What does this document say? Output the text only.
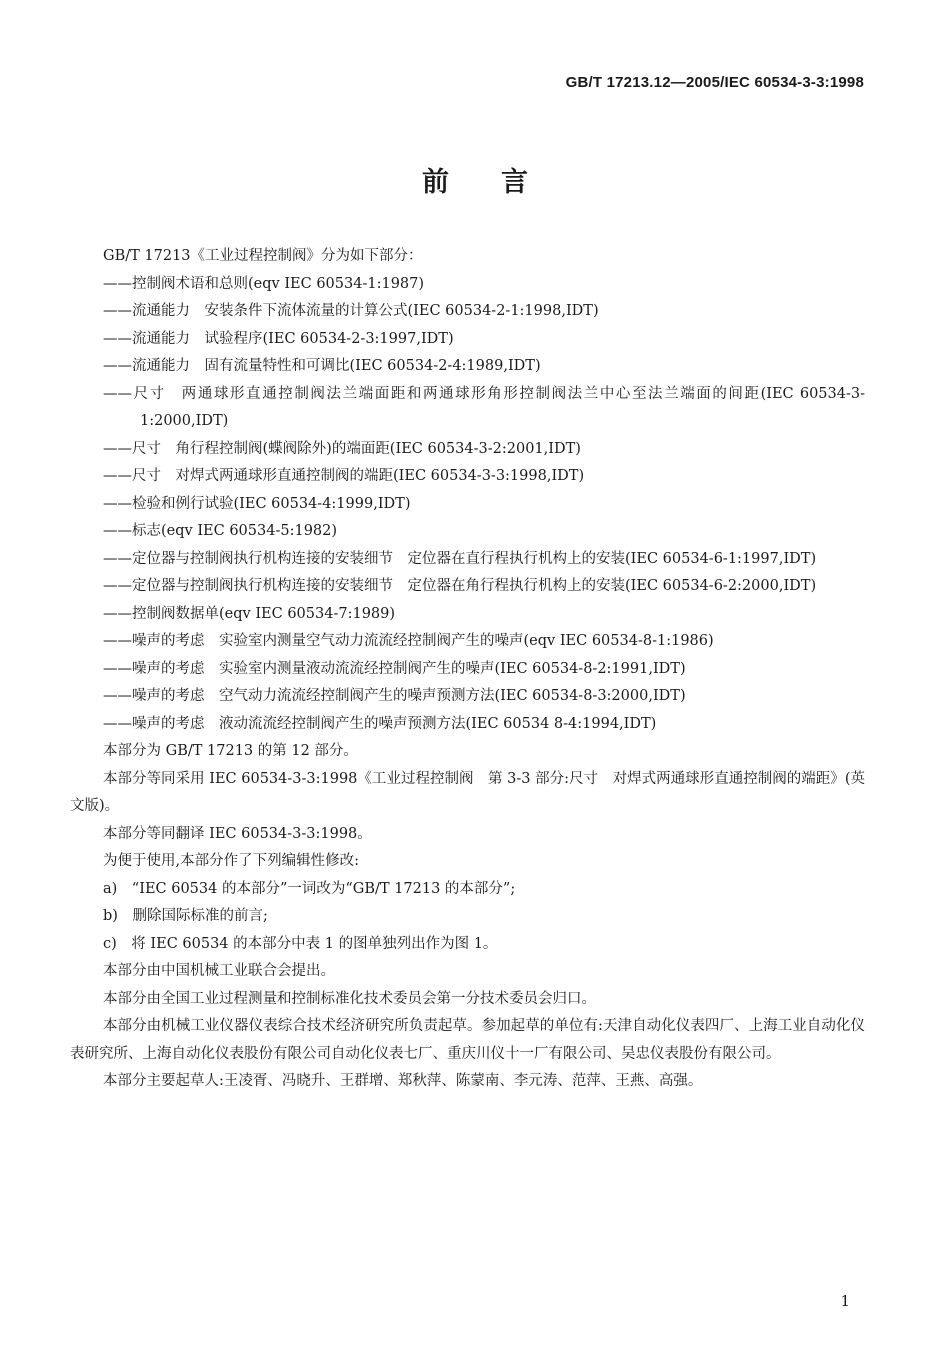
GB/T 17213.12—2005/IEC 60534-3-3:1998
前言

GB/T 17213《工业过程控制阀》分为如下部分：

——控制阀术语和总则(eqv IEC 60534-1:1987)

——流通能力　安装条件下流体流量的计算公式(IEC 60534-2-1:1998,IDT)

——流通能力　试验程序(IEC 60534-2-3:1997,IDT)

——流通能力　固有流量特性和可调比(IEC 60534-2-4:1989,IDT)

——尺寸　两通球形直通控制阀法兰端面距和两通球形角形控制阀法兰中心至法兰端面的间距(IEC 60534-3-1:2000,IDT)

——尺寸　角行程控制阀(蝶阀除外)的端面距(IEC 60534-3-2:2001,IDT)

——尺寸　对焊式两通球形直通控制阀的端距(IEC 60534-3-3:1998,IDT)

——检验和例行试验(IEC 60534-4:1999,IDT)

——标志(eqv IEC 60534-5:1982)

——定位器与控制阀执行机构连接的安装细节　定位器在直行程执行机构上的安装(IEC 60534-6-1:1997,IDT)

——定位器与控制阀执行机构连接的安装细节　定位器在角行程执行机构上的安装(IEC 60534-6-2:2000,IDT)

——控制阀数据单(eqv IEC 60534-7:1989)

——噪声的考虑　实验室内测量空气动力流流经控制阀产生的噪声(eqv IEC 60534-8-1:1986)

——噪声的考虑　实验室内测量液动流流经控制阀产生的噪声(IEC 60534-8-2:1991,IDT)

——噪声的考虑　空气动力流流经控制阀产生的噪声预测方法(IEC 60534-8-3:2000,IDT)

——噪声的考虑　液动流流经控制阀产生的噪声预测方法(IEC 60534 8-4:1994,IDT)

本部分为 GB/T 17213 的第 12 部分。

本部分等同采用 IEC 60534-3-3:1998《工业过程控制阀　第 3-3 部分:尺寸　对焊式两通球形直通控制阀的端距》(英文版)。

本部分等同翻译 IEC 60534-3-3:1998。

为便于使用,本部分作了下列编辑性修改:

a)　“IEC 60534 的本部分”一词改为“GB/T 17213 的本部分”;

b)　删除国际标准的前言;

c)　将 IEC 60534 的本部分中表 1 的图单独列出作为图 1。

本部分由中国机械工业联合会提出。

本部分由全国工业过程测量和控制标准化技术委员会第一分技术委员会归口。

本部分由机械工业仪器仪表综合技术经济研究所负责起草。参加起草的单位有:天津自动化仪表四厂、上海工业自动化仪表研究所、上海自动化仪表股份有限公司自动化仪表七厂、重庆川仪十一厂有限公司、吴忠仪表股份有限公司。

本部分主要起草人:王凌胥、冯晓升、王群增、郑秋萍、陈蒙南、李元涛、范萍、王燕、高强。

1
